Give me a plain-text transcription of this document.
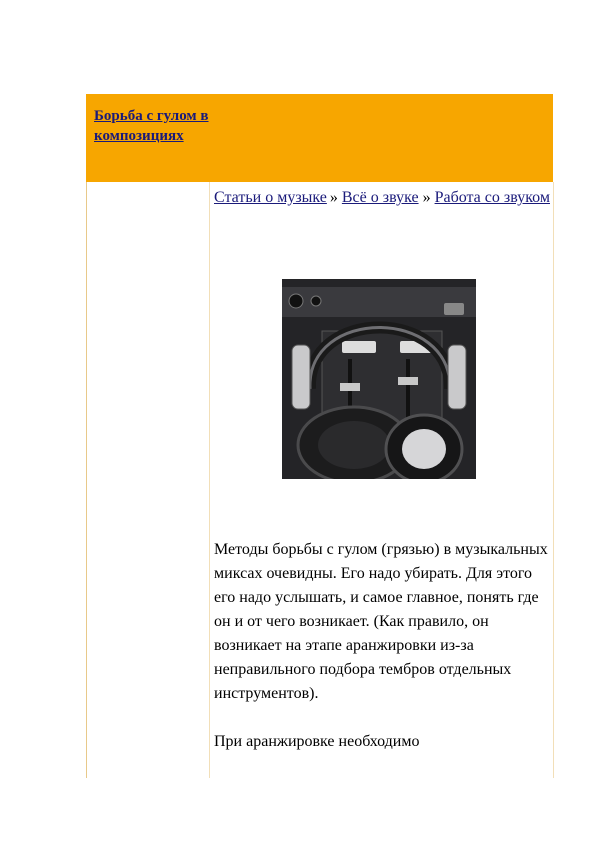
Борьба с гулом в композициях
Статьи о музыке » Всё о звуке » Работа со звуком

Методы борьбы с гулом (грязью) в музыкальных миксах очевидны. Его надо убирать. Для этого его надо услышать, и самое главное, понять где он и от чего возникает. (Как правило, он возникает на этапе аранжировки из-за неправильного подбора тембров отдельных инструментов).

При аранжировке необходимо
